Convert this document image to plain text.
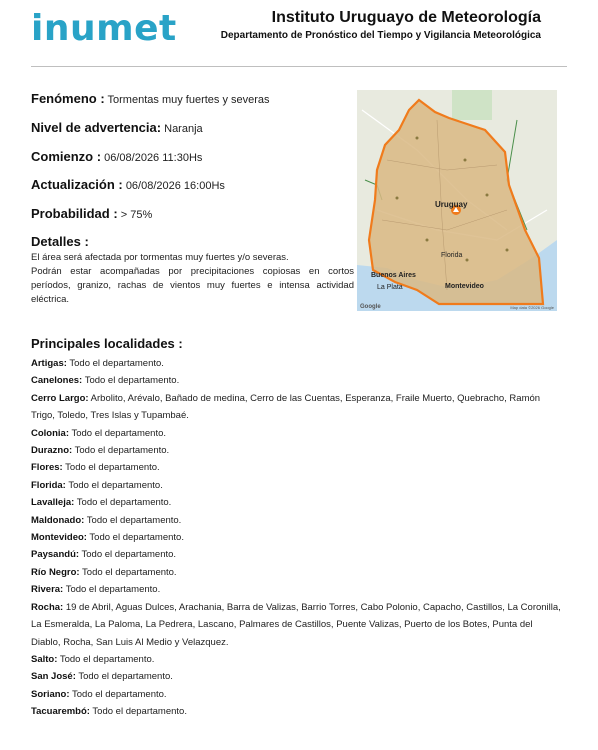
inumet	Instituto Uruguayo de Meteorología
Departamento de Pronóstico del Tiempo y Vigilancia Meteorológica
Fenómeno : Tormentas muy fuertes y severas
Nivel de advertencia: Naranja
Comienzo : 06/08/2026 11:30Hs
Actualización : 06/08/2026 16:00Hs
Probabilidad : > 75%
Detalles :

El área será afectada por tormentas muy fuertes y/o severas.

Podrán estar acompañadas por precipitaciones copiosas en cortos períodos, granizo, rachas de vientos muy fuertes e intensa actividad eléctrica.

Uruguay
Florida
Buenos Aires
Montevideo
La Plata
Google	Map data ©2026 Google
Principales localidades :

Artigas: Todo el departamento.

Canelones: Todo el departamento.

Cerro Largo: Arbolito, Arévalo, Bañado de medina, Cerro de las Cuentas, Esperanza, Fraile Muerto, Quebracho, Ramón Trigo, Toledo, Tres Islas y Tupambaé.

Colonia: Todo el departamento.

Durazno: Todo el departamento.

Flores: Todo el departamento.

Florida: Todo el departamento.

Lavalleja: Todo el departamento.

Maldonado: Todo el departamento.

Montevideo: Todo el departamento.

Paysandú: Todo el departamento.

Río Negro: Todo el departamento.

Rivera: Todo el departamento.

Rocha: 19 de Abril, Aguas Dulces, Arachania, Barra de Valizas, Barrio Torres, Cabo Polonio, Capacho, Castillos, La Coronilla, La Esmeralda, La Paloma, La Pedrera, Lascano, Palmares de Castillos, Puente Valizas, Puerto de los Botes, Punta del Diablo, Rocha, San Luis Al Medio y Velazquez.

Salto: Todo el departamento.

San José: Todo el departamento.

Soriano: Todo el departamento.

Tacuarembó: Todo el departamento.
